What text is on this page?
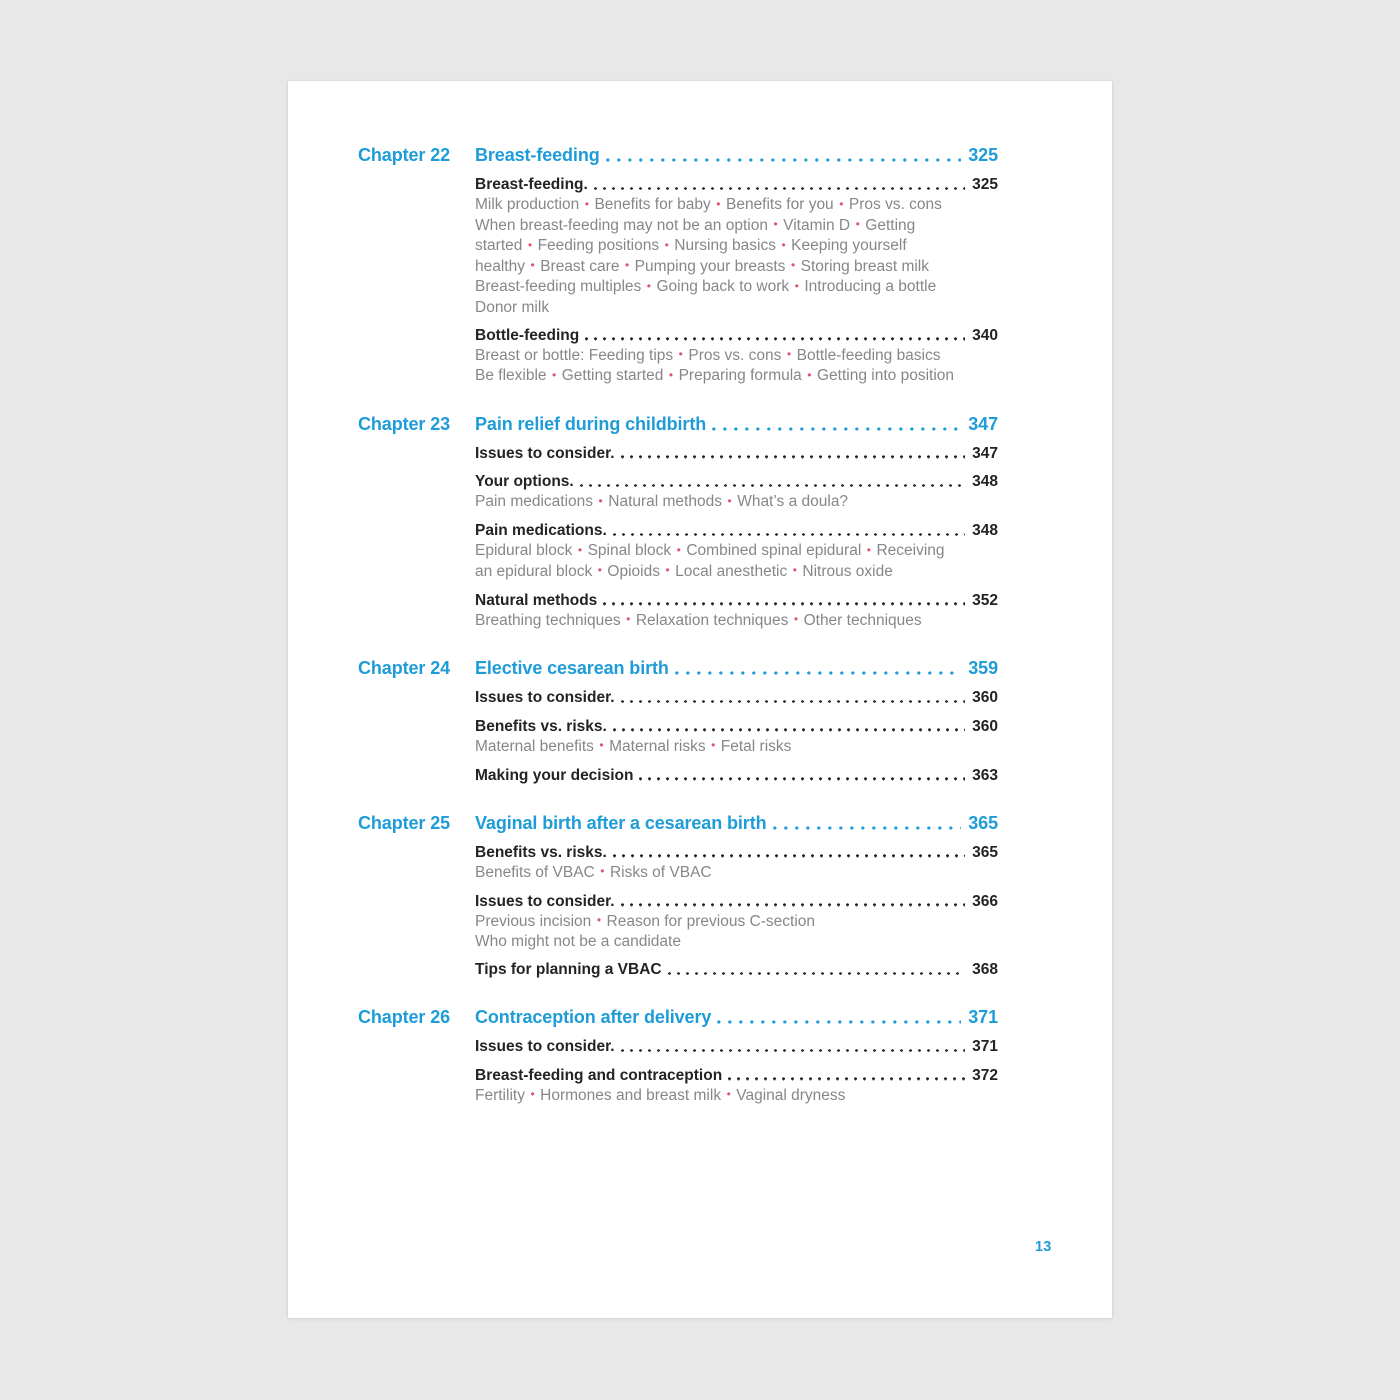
Chapter 22	Breast-feeding	325
Breast-feeding.	325
Milk production • Benefits for baby • Benefits for you • Pros vs. cons
When breast-feeding may not be an option • Vitamin D • Getting
started • Feeding positions • Nursing basics • Keeping yourself
healthy • Breast care • Pumping your breasts • Storing breast milk
Breast-feeding multiples • Going back to work • Introducing a bottle
Donor milk
Bottle-feeding	340
Breast or bottle: Feeding tips • Pros vs. cons • Bottle-feeding basics
Be flexible • Getting started • Preparing formula • Getting into position
Chapter 23	Pain relief during childbirth	347
Issues to consider.	347
Your options.	348
Pain medications • Natural methods • What’s a doula?
Pain medications.	348
Epidural block • Spinal block • Combined spinal epidural • Receiving
an epidural block • Opioids • Local anesthetic • Nitrous oxide
Natural methods	352
Breathing techniques • Relaxation techniques • Other techniques
Chapter 24	Elective cesarean birth	359
Issues to consider.	360
Benefits vs. risks.	360
Maternal benefits • Maternal risks • Fetal risks
Making your decision	363
Chapter 25	Vaginal birth after a cesarean birth	365
Benefits vs. risks.	365
Benefits of VBAC • Risks of VBAC
Issues to consider.	366
Previous incision • Reason for previous C-section
Who might not be a candidate
Tips for planning a VBAC	368
Chapter 26	Contraception after delivery	371
Issues to consider.	371
Breast-feeding and contraception	372
Fertility • Hormones and breast milk • Vaginal dryness
13
